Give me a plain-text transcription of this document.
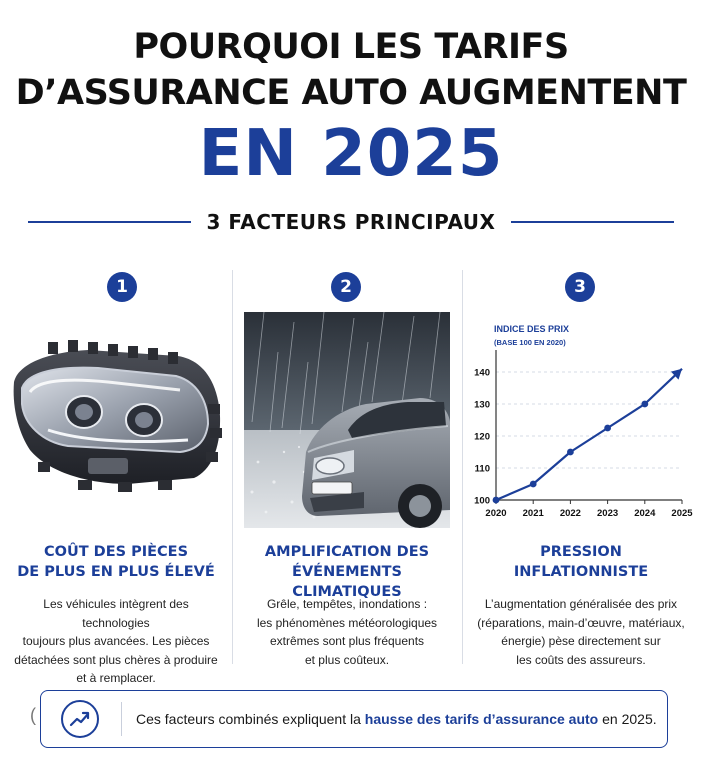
POURQUOI LES TARIFS
D’ASSURANCE AUTO AUGMENTENT
EN 2025
3 FACTEURS PRINCIPAUX
1	2	3
INDICE DES PRIX
(BASE 100 EN 2020)
100
110
120
130
140
2020 2021 2022 2023 2024 2025
COÛT DES PIÈCES
DE PLUS EN PLUS ÉLEVÉ
AMPLIFICATION DES
ÉVÉNEMENTS CLIMATIQUES
PRESSION
INFLATIONNISTE
Les véhicules intègrent des technologies
toujours plus avancées. Les pièces
détachées sont plus chères à produire
et à remplacer.
Grêle, tempêtes, inondations :
les phénomènes météorologiques
extrêmes sont plus fréquents
et plus coûteux.
L’augmentation généralisée des prix
(réparations, main-d’œuvre, matériaux,
énergie) pèse directement sur
les coûts des assureurs.
(	Ces facteurs combinés expliquent la hausse des tarifs d’assurance auto en 2025.
